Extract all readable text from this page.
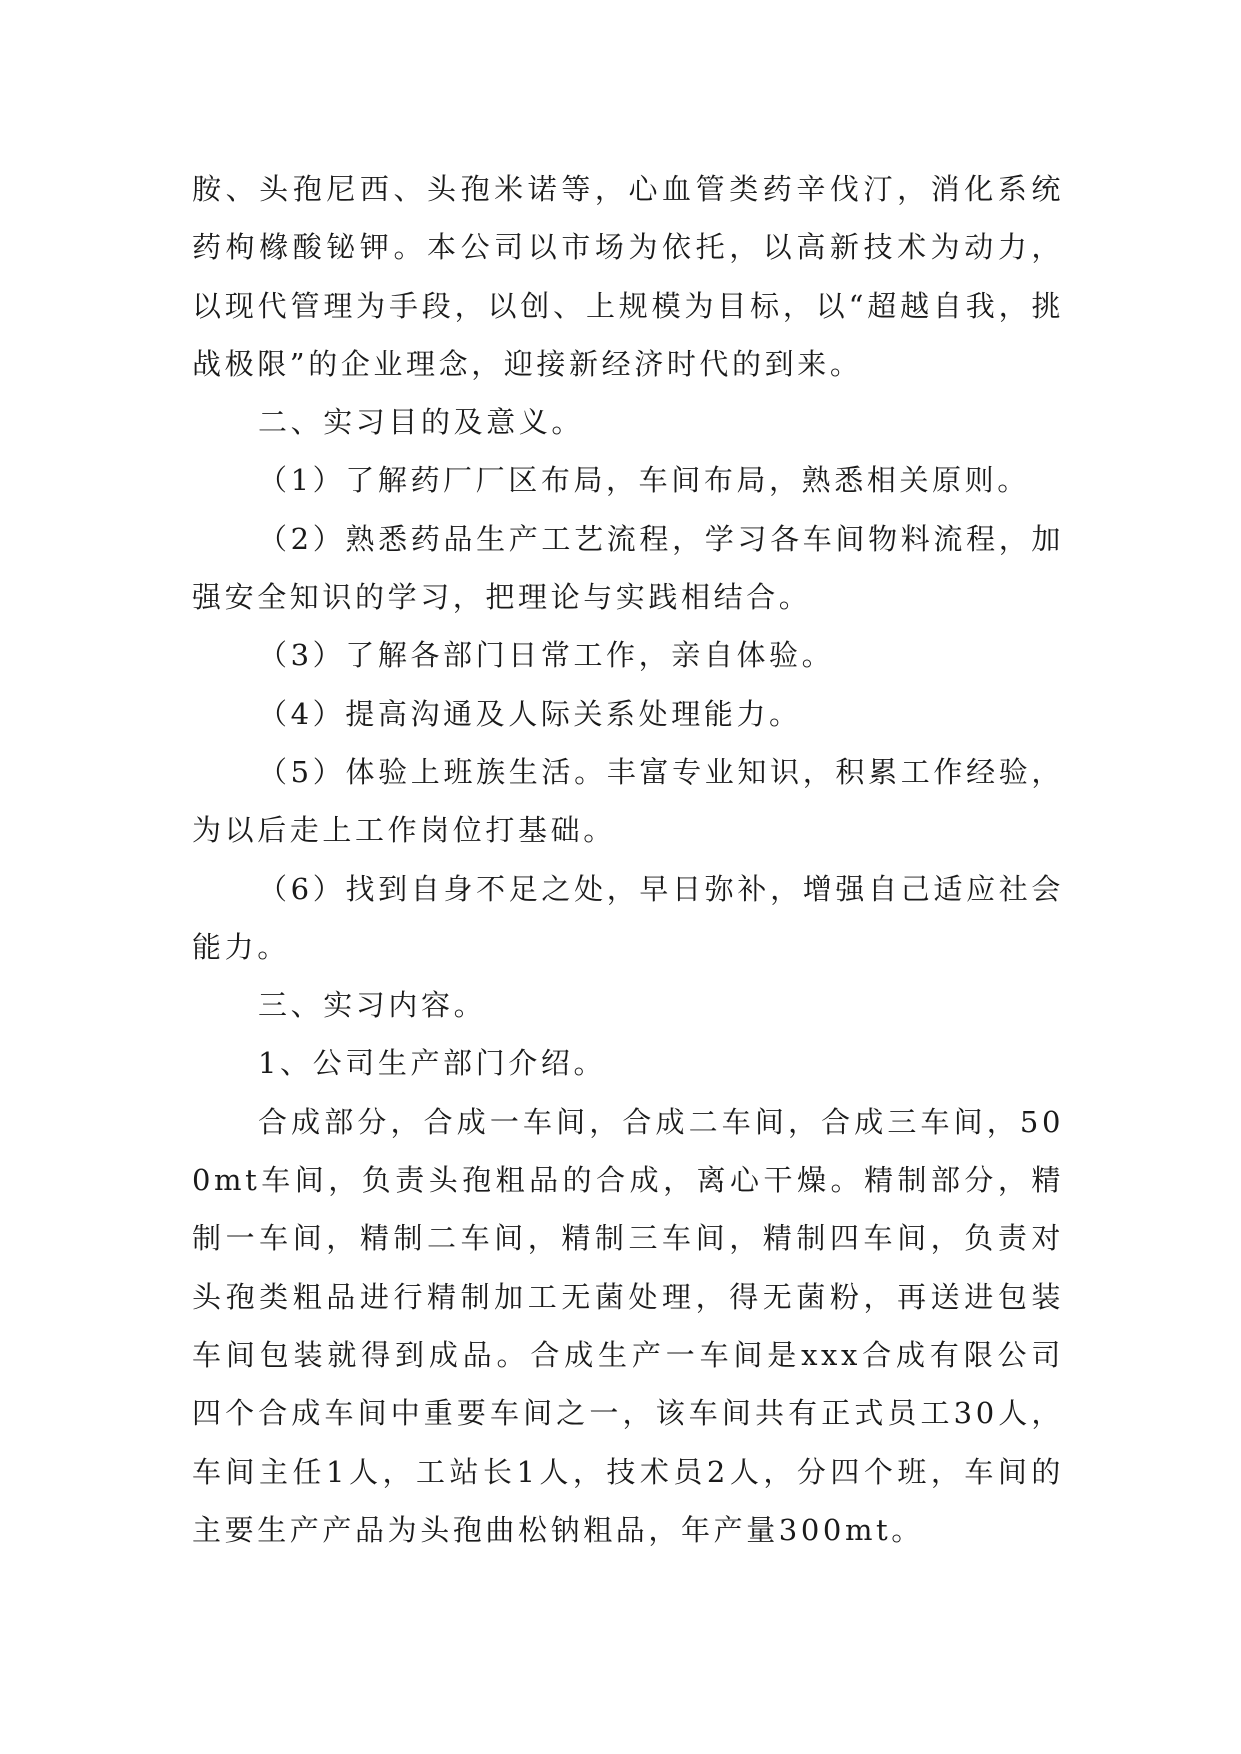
胺、头孢尼西、头孢米诺等，心血管类药辛伐汀，消化系统药枸橼酸铋钾。本公司以市场为依托，以高新技术为动力，以现代管理为手段，以创、上规模为目标，以“超越自我，挑战极限”的企业理念，迎接新经济时代的到来。

二、实习目的及意义。

（1）了解药厂厂区布局，车间布局，熟悉相关原则。

（2）熟悉药品生产工艺流程，学习各车间物料流程，加强安全知识的学习，把理论与实践相结合。

（3）了解各部门日常工作，亲自体验。

（4）提高沟通及人际关系处理能力。

（5）体验上班族生活。丰富专业知识，积累工作经验，为以后走上工作岗位打基础。

（6）找到自身不足之处，早日弥补，增强自己适应社会能力。

三、实习内容。

1、公司生产部门介绍。

合成部分，合成一车间，合成二车间，合成三车间，500mt车间，负责头孢粗品的合成，离心干燥。精制部分，精制一车间，精制二车间，精制三车间，精制四车间，负责对头孢类粗品进行精制加工无菌处理，得无菌粉，再送进包装车间包装就得到成品。合成生产一车间是xxx合成有限公司四个合成车间中重要车间之一，该车间共有正式员工30人，车间主任1人，工站长1人，技术员2人，分四个班，车间的主要生产产品为头孢曲松钠粗品，年产量300mt。
